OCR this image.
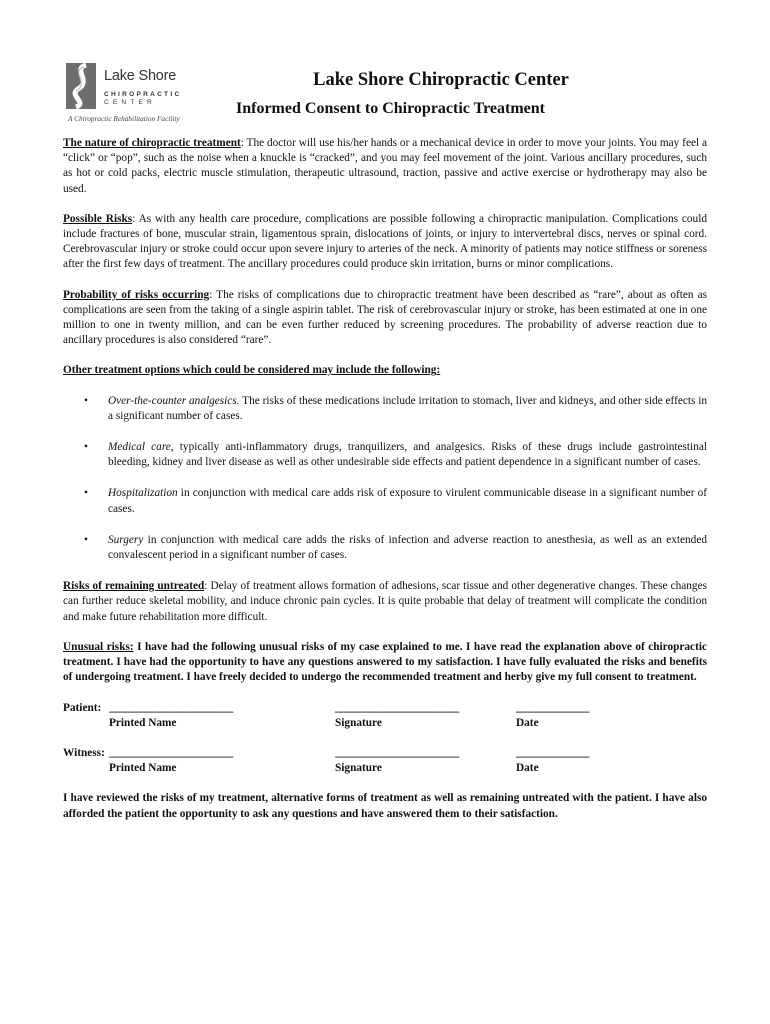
Lake Shore
CHIROPRACTIC
CENTER
A Chiropractic Rehabilitation Facility
Lake Shore Chiropractic Center
Informed Consent to Chiropractic Treatment

The nature of chiropractic treatment: The doctor will use his/her hands or a mechanical device in order to move your joints. You may feel a “click” or “pop”, such as the noise when a knuckle is “cracked”, and you may feel movement of the joint. Various ancillary procedures, such as hot or cold packs, electric muscle stimulation, therapeutic ultrasound, traction, passive and active exercise or hydrotherapy may also be used.

Possible Risks: As with any health care procedure, complications are possible following a chiropractic manipulation. Complications could include fractures of bone, muscular strain, ligamentous sprain, dislocations of joints, or injury to intervertebral discs, nerves or spinal cord. Cerebrovascular injury or stroke could occur upon severe injury to arteries of the neck. A minority of patients may notice stiffness or soreness after the first few days of treatment. The ancillary procedures could produce skin irritation, burns or minor complications.

Probability of risks occurring: The risks of complications due to chiropractic treatment have been described as “rare”, about as often as complications are seen from the taking of a single aspirin tablet. The risk of cerebrovascular injury or stroke, has been estimated at one in one million to one in twenty million, and can be even further reduced by screening procedures. The probability of adverse reaction due to ancillary procedures is also considered “rare”.

Other treatment options which could be considered may include the following:

• Over-the-counter analgesics. The risks of these medications include irritation to stomach, liver and kidneys, and other side effects in a significant number of cases.
• Medical care, typically anti-inflammatory drugs, tranquilizers, and analgesics. Risks of these drugs include gastrointestinal bleeding, kidney and liver disease as well as other undesirable side effects and patient dependence in a significant number of cases.
• Hospitalization in conjunction with medical care adds risk of exposure to virulent communicable disease in a significant number of cases.
• Surgery in conjunction with medical care adds the risks of infection and adverse reaction to anesthesia, as well as an extended convalescent period in a significant number of cases.

Risks of remaining untreated: Delay of treatment allows formation of adhesions, scar tissue and other degenerative changes. These changes can further reduce skeletal mobility, and induce chronic pain cycles. It is quite probable that delay of treatment will complicate the condition and make future rehabilitation more difficult.

Unusual risks: I have had the following unusual risks of my case explained to me. I have read the explanation above of chiropractic treatment. I have had the opportunity to have any questions answered to my satisfaction. I have fully evaluated the risks and benefits of undergoing treatment. I have freely decided to undergo the recommended treatment and herby give my full consent to treatment.

Patient: ______________________
Printed Name
______________________
Signature
_____________
Date
Witness: ______________________
Printed Name
______________________
Signature
_____________
Date

I have reviewed the risks of my treatment, alternative forms of treatment as well as remaining untreated with the patient. I have also afforded the patient the opportunity to ask any questions and have answered them to their satisfaction.
